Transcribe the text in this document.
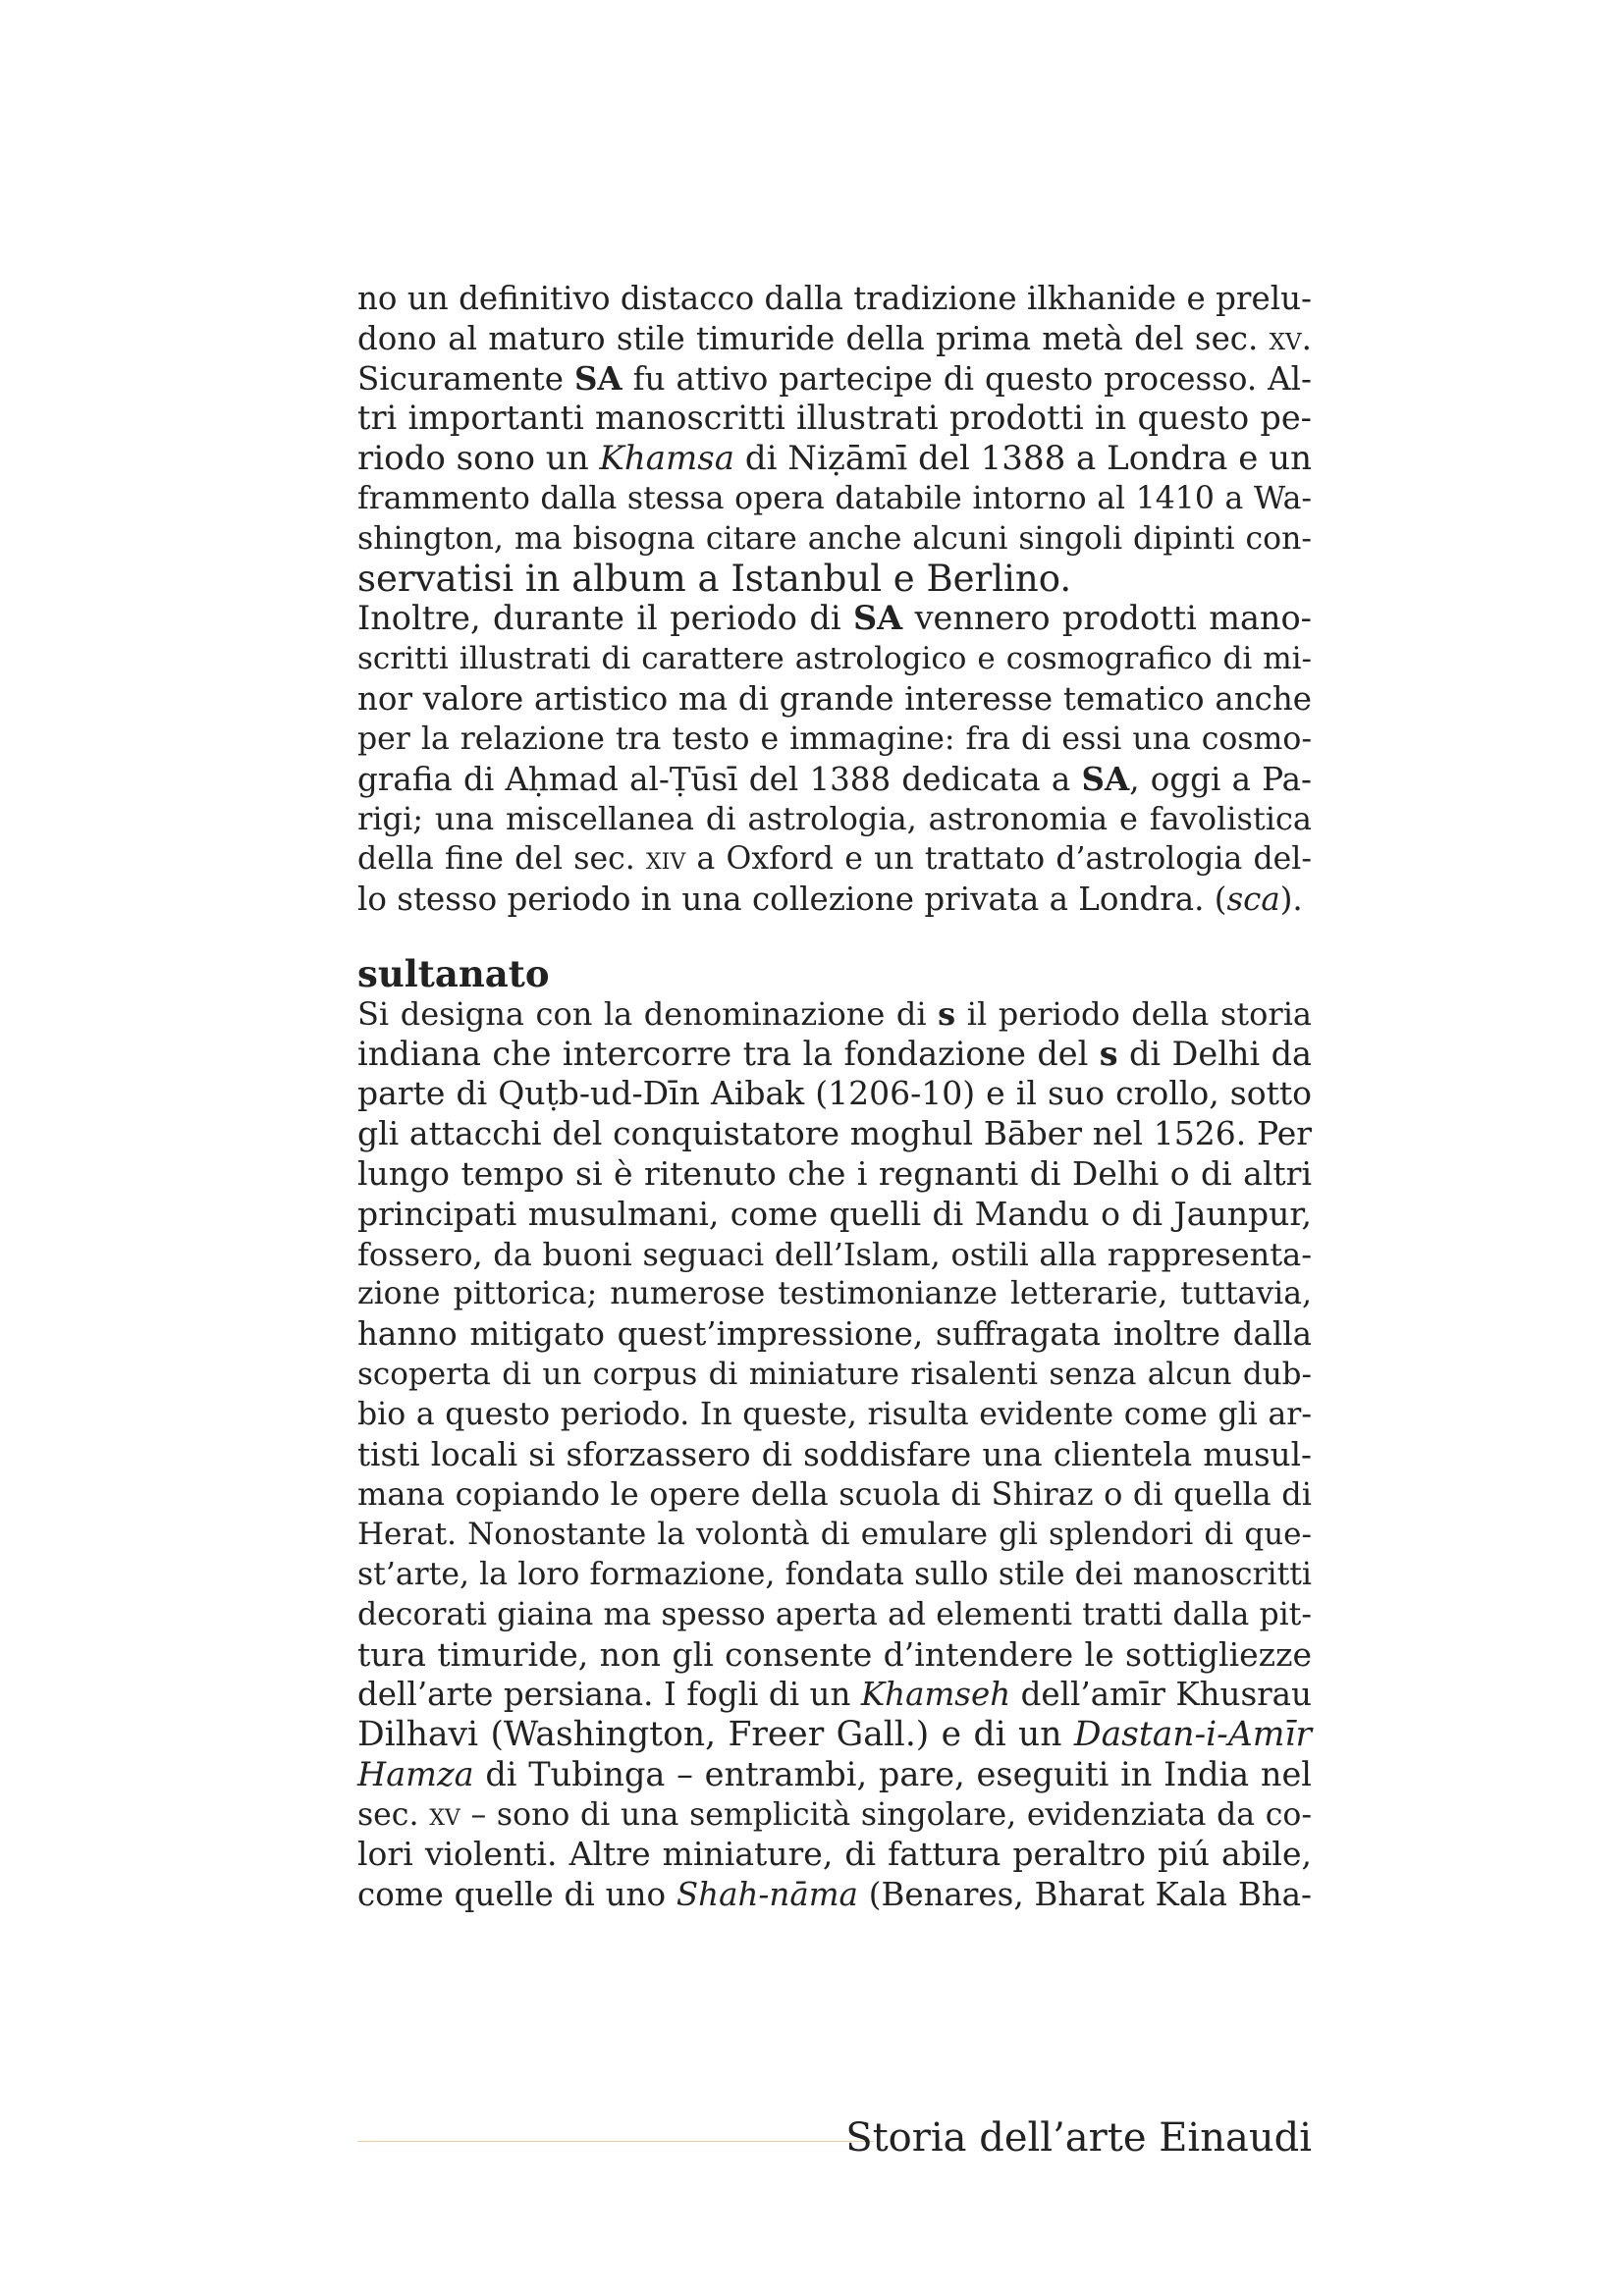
no un definitivo distacco dalla tradizione ilkhanide e prelu-
dono al maturo stile timuride della prima metà del sec. xv.
Sicuramente SA fu attivo partecipe di questo processo. Al-
tri importanti manoscritti illustrati prodotti in questo pe-
riodo sono un Khamsa di Niẓāmī del 1388 a Londra e un
frammento dalla stessa opera databile intorno al 1410 a Wa-
shington, ma bisogna citare anche alcuni singoli dipinti con-
servatisi in album a Istanbul e Berlino.
Inoltre, durante il periodo di SA vennero prodotti mano-
scritti illustrati di carattere astrologico e cosmografico di mi-
nor valore artistico ma di grande interesse tematico anche
per la relazione tra testo e immagine: fra di essi una cosmo-
grafia di Aḥmad al-Ṭūsī del 1388 dedicata a SA, oggi a Pa-
rigi; una miscellanea di astrologia, astronomia e favolistica
della fine del sec. xiv a Oxford e un trattato d’astrologia del-
lo stesso periodo in una collezione privata a Londra. (sca).
sultanato
Si designa con la denominazione di s il periodo della storia
indiana che intercorre tra la fondazione del s di Delhi da
parte di Quṭb-ud-Dīn Aibak (1206-10) e il suo crollo, sotto
gli attacchi del conquistatore moghul Bāber nel 1526. Per
lungo tempo si è ritenuto che i regnanti di Delhi o di altri
principati musulmani, come quelli di Mandu o di Jaunpur,
fossero, da buoni seguaci dell’Islam, ostili alla rappresenta-
zione pittorica; numerose testimonianze letterarie, tuttavia,
hanno mitigato quest’impressione, suffragata inoltre dalla
scoperta di un corpus di miniature risalenti senza alcun dub-
bio a questo periodo. In queste, risulta evidente come gli ar-
tisti locali si sforzassero di soddisfare una clientela musul-
mana copiando le opere della scuola di Shiraz o di quella di
Herat. Nonostante la volontà di emulare gli splendori di que-
st’arte, la loro formazione, fondata sullo stile dei manoscritti
decorati giaina ma spesso aperta ad elementi tratti dalla pit-
tura timuride, non gli consente d’intendere le sottigliezze
dell’arte persiana. I fogli di un Khamseh dell’amīr Khusrau
Dilhavi (Washington, Freer Gall.) e di un Dastan-i-Amīr
Hamza di Tubinga – entrambi, pare, eseguiti in India nel
sec. xv – sono di una semplicità singolare, evidenziata da co-
lori violenti. Altre miniature, di fattura peraltro piú abile,
come quelle di uno Shah-nāma (Benares, Bharat Kala Bha-
Storia dell’arte Einaudi
